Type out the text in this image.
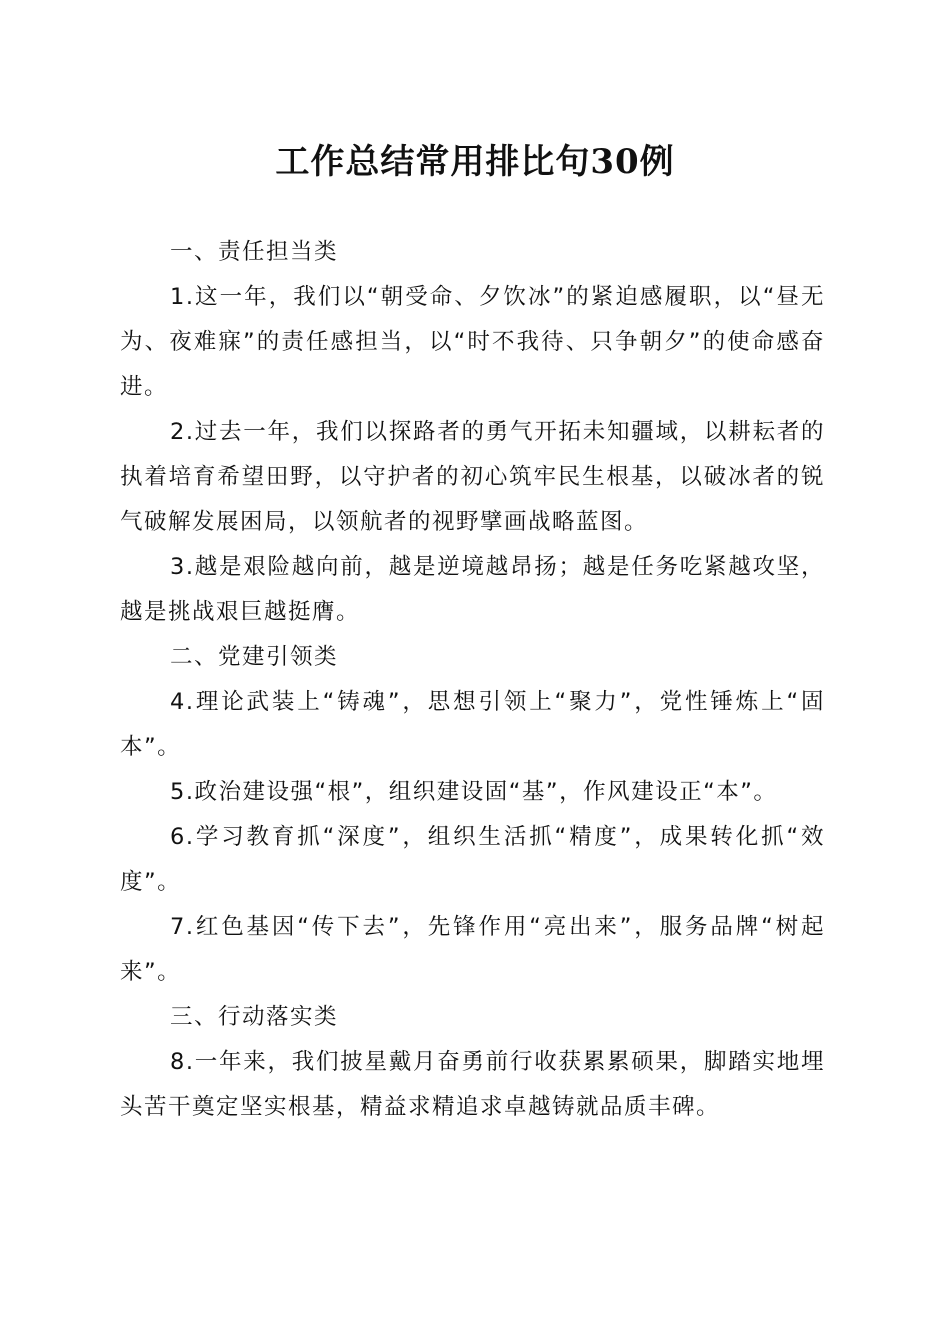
工作总结常用排比句30例
一、责任担当类

1.这一年，我们以“朝受命、夕饮冰”的紧迫感履职，以“昼无为、夜难寐”的责任感担当，以“时不我待、只争朝夕”的使命感奋进。

2.过去一年，我们以探路者的勇气开拓未知疆域，以耕耘者的执着培育希望田野，以守护者的初心筑牢民生根基，以破冰者的锐气破解发展困局，以领航者的视野擘画战略蓝图。

3.越是艰险越向前，越是逆境越昂扬；越是任务吃紧越攻坚，越是挑战艰巨越挺膺。

二、党建引领类

4.理论武装上“铸魂”，思想引领上“聚力”，党性锤炼上“固本”。

5.政治建设强“根”，组织建设固“基”，作风建设正“本”。

6.学习教育抓“深度”，组织生活抓“精度”，成果转化抓“效度”。

7.红色基因“传下去”，先锋作用“亮出来”，服务品牌“树起来”。

三、行动落实类

8.一年来，我们披星戴月奋勇前行收获累累硕果，脚踏实地埋头苦干奠定坚实根基，精益求精追求卓越铸就品质丰碑。
